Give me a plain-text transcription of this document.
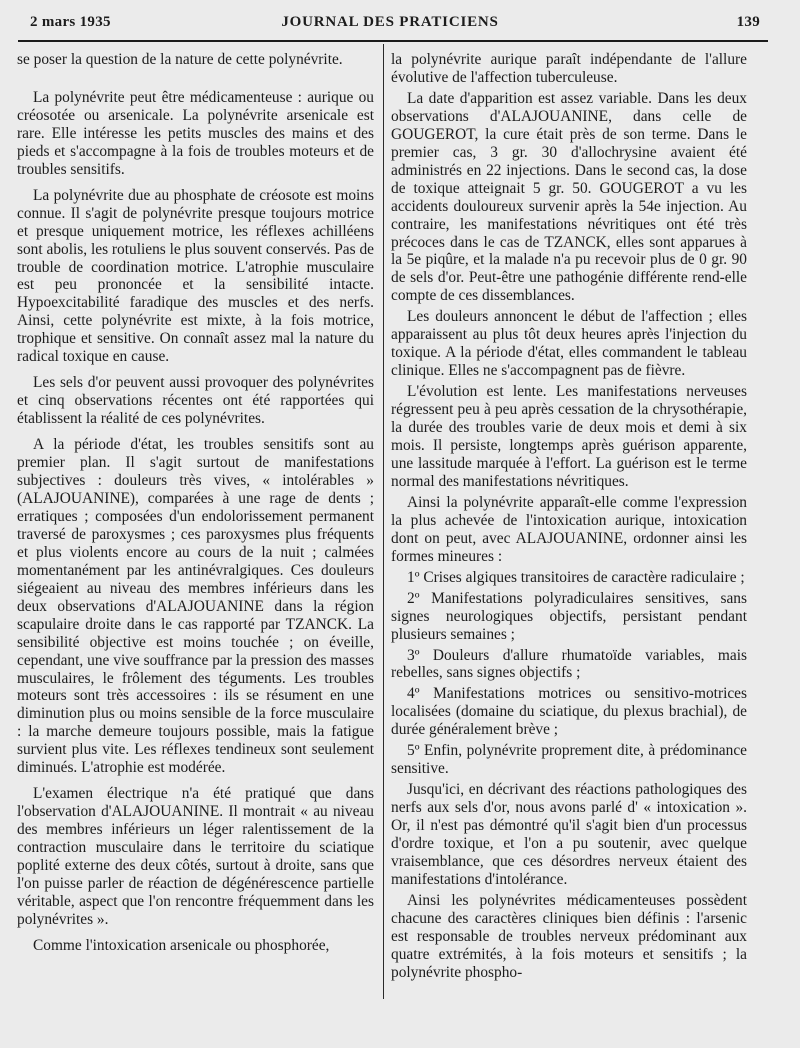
2 mars 1935	JOURNAL DES PRATICIENS	139

se poser la question de la nature de cette polynévrite.

La polynévrite peut être médicamenteuse : aurique ou créosotée ou arsenicale. La polynévrite arsenicale est rare. Elle intéresse les petits muscles des mains et des pieds et s'accompagne à la fois de troubles moteurs et de troubles sensitifs.

La polynévrite due au phosphate de créosote est moins connue. Il s'agit de polynévrite presque toujours motrice et presque uniquement motrice, les réflexes achilléens sont abolis, les rotuliens le plus souvent conservés. Pas de trouble de coordination motrice. L'atrophie musculaire est peu prononcée et la sensibilité intacte. Hypoexcitabilité faradique des muscles et des nerfs. Ainsi, cette polynévrite est mixte, à la fois motrice, trophique et sensitive. On connaît assez mal la nature du radical toxique en cause.

Les sels d'or peuvent aussi provoquer des polynévrites et cinq observations récentes ont été rapportées qui établissent la réalité de ces polynévrites.

A la période d'état, les troubles sensitifs sont au premier plan. Il s'agit surtout de manifestations subjectives : douleurs très vives, « intolérables » (ALAJOUANINE), comparées à une rage de dents ; erratiques ; composées d'un endolorissement permanent traversé de paroxysmes ; ces paroxysmes plus fréquents et plus violents encore au cours de la nuit ; calmées momentanément par les antinévralgiques. Ces douleurs siégeaient au niveau des membres inférieurs dans les deux observations d'ALAJOUANINE dans la région scapulaire droite dans le cas rapporté par TZANCK. La sensibilité objective est moins touchée ; on éveille, cependant, une vive souffrance par la pression des masses musculaires, le frôlement des téguments. Les troubles moteurs sont très accessoires : ils se résument en une diminution plus ou moins sensible de la force musculaire : la marche demeure toujours possible, mais la fatigue survient plus vite. Les réflexes tendineux sont seulement diminués. L'atrophie est modérée.

L'examen électrique n'a été pratiqué que dans l'observation d'ALAJOUANINE. Il montrait « au niveau des membres inférieurs un léger ralentissement de la contraction musculaire dans le territoire du sciatique poplité externe des deux côtés, surtout à droite, sans que l'on puisse parler de réaction de dégénérescence partielle véritable, aspect que l'on rencontre fréquemment dans les polynévrites ».

Comme l'intoxication arsenicale ou phosphorée,

la polynévrite aurique paraît indépendante de l'allure évolutive de l'affection tuberculeuse.

La date d'apparition est assez variable. Dans les deux observations d'ALAJOUANINE, dans celle de GOUGEROT, la cure était près de son terme. Dans le premier cas, 3 gr. 30 d'allochrysine avaient été administrés en 22 injections. Dans le second cas, la dose de toxique atteignait 5 gr. 50. GOUGEROT a vu les accidents douloureux survenir après la 54e injection. Au contraire, les manifestations névritiques ont été très précoces dans le cas de TZANCK, elles sont apparues à la 5e piqûre, et la malade n'a pu recevoir plus de 0 gr. 90 de sels d'or. Peut-être une pathogénie différente rend-elle compte de ces dissemblances.

Les douleurs annoncent le début de l'affection ; elles apparaissent au plus tôt deux heures après l'injection du toxique. A la période d'état, elles commandent le tableau clinique. Elles ne s'accompagnent pas de fièvre.

L'évolution est lente. Les manifestations nerveuses régressent peu à peu après cessation de la chrysothérapie, la durée des troubles varie de deux mois et demi à six mois. Il persiste, longtemps après guérison apparente, une lassitude marquée à l'effort. La guérison est le terme normal des manifestations névritiques.

Ainsi la polynévrite apparaît-elle comme l'expression la plus achevée de l'intoxication aurique, intoxication dont on peut, avec ALAJOUANINE, ordonner ainsi les formes mineures :

1º Crises algiques transitoires de caractère radiculaire ;

2º Manifestations polyradiculaires sensitives, sans signes neurologiques objectifs, persistant pendant plusieurs semaines ;

3º Douleurs d'allure rhumatoïde variables, mais rebelles, sans signes objectifs ;

4º Manifestations motrices ou sensitivo-motrices localisées (domaine du sciatique, du plexus brachial), de durée généralement brève ;

5º Enfin, polynévrite proprement dite, à prédominance sensitive.

Jusqu'ici, en décrivant des réactions pathologiques des nerfs aux sels d'or, nous avons parlé d' « intoxication ». Or, il n'est pas démontré qu'il s'agit bien d'un processus d'ordre toxique, et l'on a pu soutenir, avec quelque vraisemblance, que ces désordres nerveux étaient des manifestations d'intolérance.

Ainsi les polynévrites médicamenteuses possèdent chacune des caractères cliniques bien définis : l'arsenic est responsable de troubles nerveux prédominant aux quatre extrémités, à la fois moteurs et sensitifs ; la polynévrite phospho-
